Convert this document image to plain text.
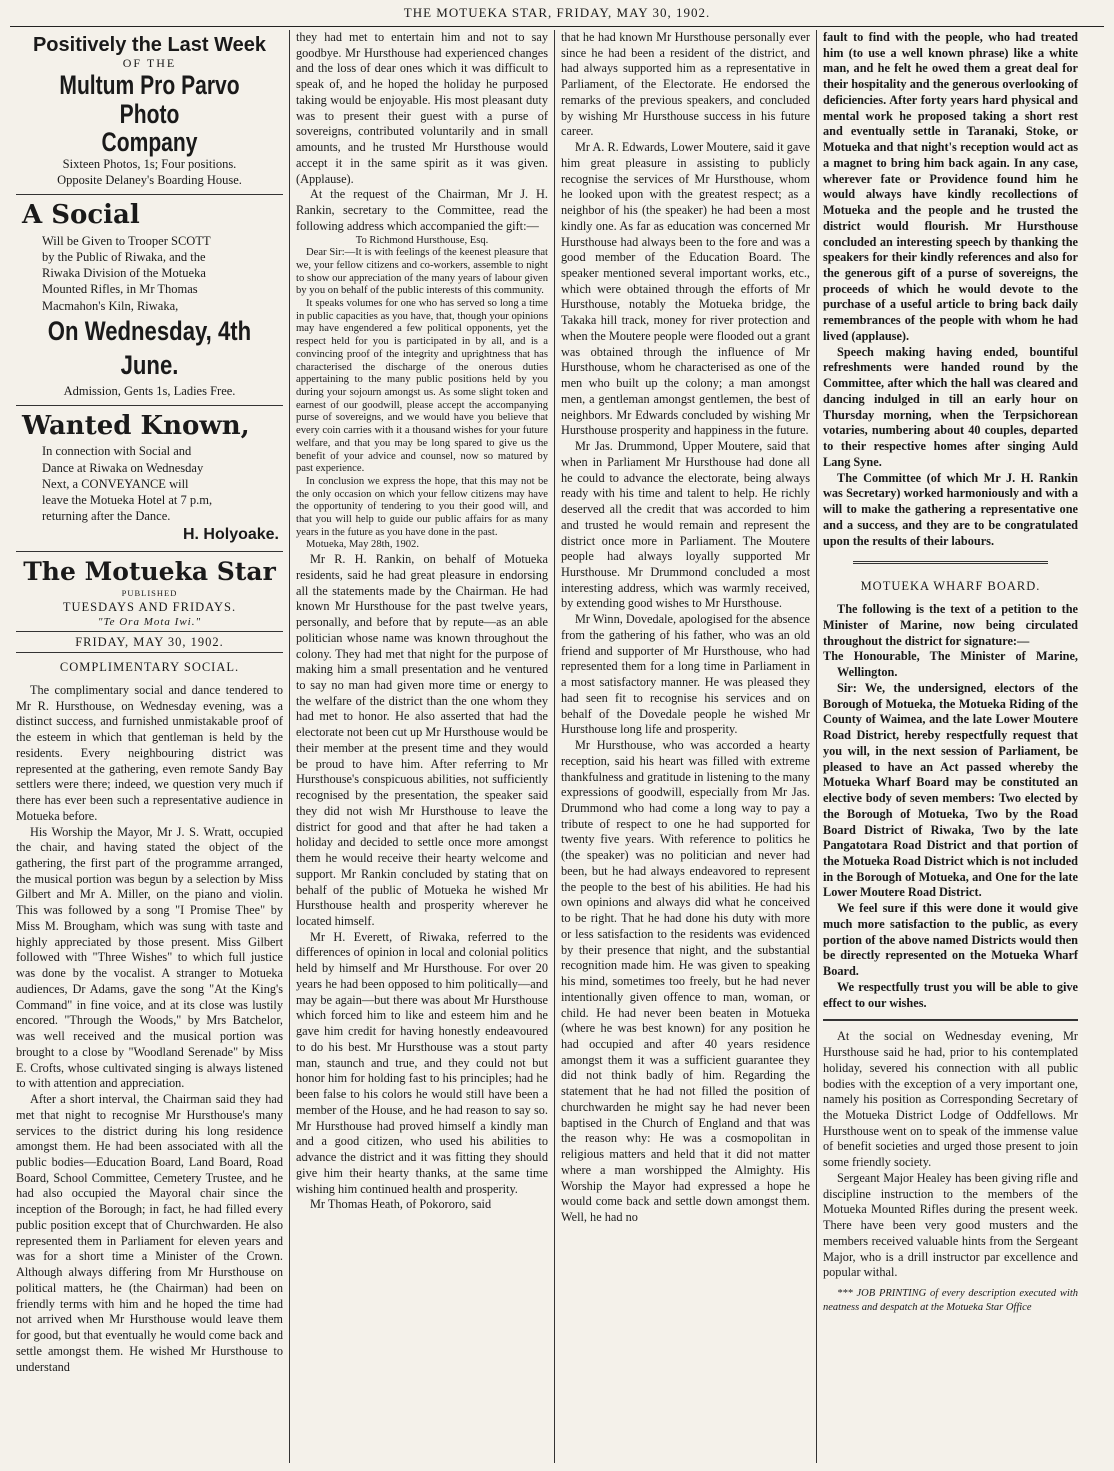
THE MOTUEKA STAR, FRIDAY, MAY 30, 1902.
Positively the Last Week
OF THE
Multum Pro Parvo Photo
Company
Sixteen Photos, 1s; Four positions.
Opposite Delaney's Boarding House.
A Social
Will be Given to Trooper SCOTT
by the Public of Riwaka, and the
Riwaka Division of the Motueka
Mounted Rifles, in Mr Thomas
Macmahon's Kiln, Riwaka,
On Wednesday, 4th June.
Admission, Gents 1s, Ladies Free.
Wanted Known,
In connection with Social and
Dance at Riwaka on Wednesday
Next, a CONVEYANCE will
leave the Motueka Hotel at 7 p.m,
returning after the Dance.
H. Holyoake.
The Motueka Star
PUBLISHED
TUESDAYS AND FRIDAYS.
"Te Ora Mota Iwi."
FRIDAY, MAY 30, 1902.
COMPLIMENTARY SOCIAL.

The complimentary social and dance tendered to Mr R. Hursthouse, on Wednesday evening, was a distinct success, and furnished unmistakable proof of the esteem in which that gentleman is held by the residents. Every neighbouring district was represented at the gathering, even remote Sandy Bay settlers were there; indeed, we question very much if there has ever been such a representative audience in Motueka before.

His Worship the Mayor, Mr J. S. Wratt, occupied the chair, and having stated the object of the gathering, the first part of the programme arranged, the musical portion was begun by a selection by Miss Gilbert and Mr A. Miller, on the piano and violin. This was followed by a song "I Promise Thee" by Miss M. Brougham, which was sung with taste and highly appreciated by those present. Miss Gilbert followed with "Three Wishes" to which full justice was done by the vocalist. A stranger to Motueka audiences, Dr Adams, gave the song "At the King's Command" in fine voice, and at its close was lustily encored. "Through the Woods," by Mrs Batchelor, was well received and the musical portion was brought to a close by "Woodland Serenade" by Miss E. Crofts, whose cultivated singing is always listened to with attention and appreciation.

After a short interval, the Chairman said they had met that night to recognise Mr Hursthouse's many services to the district during his long residence amongst them. He had been associated with all the public bodies—Education Board, Land Board, Road Board, School Committee, Cemetery Trustee, and he had also occupied the Mayoral chair since the inception of the Borough; in fact, he had filled every public position except that of Churchwarden. He also represented them in Parliament for eleven years and was for a short time a Minister of the Crown. Although always differing from Mr Hursthouse on political matters, he (the Chairman) had been on friendly terms with him and he hoped the time had not arrived when Mr Hursthouse would leave them for good, but that eventually he would come back and settle amongst them. He wished Mr Hursthouse to understand

they had met to entertain him and not to say goodbye. Mr Hursthouse had experienced changes and the loss of dear ones which it was difficult to speak of, and he hoped the holiday he purposed taking would be enjoyable. His most pleasant duty was to present their guest with a purse of sovereigns, contributed voluntarily and in small amounts, and he trusted Mr Hursthouse would accept it in the same spirit as it was given. (Applause).

At the request of the Chairman, Mr J. H. Rankin, secretary to the Committee, read the following address which accompanied the gift:—

To Richmond Hursthouse, Esq.

Dear Sir:—It is with feelings of the keenest pleasure that we, your fellow citizens and co-workers, assemble to night to show our appreciation of the many years of labour given by you on behalf of the public interests of this community.

It speaks volumes for one who has served so long a time in public capacities as you have, that, though your opinions may have engendered a few political opponents, yet the respect held for you is participated in by all, and is a convincing proof of the integrity and uprightness that has characterised the discharge of the onerous duties appertaining to the many public positions held by you during your sojourn amongst us. As some slight token and earnest of our goodwill, please accept the accompanying purse of sovereigns, and we would have you believe that every coin carries with it a thousand wishes for your future welfare, and that you may be long spared to give us the benefit of your advice and counsel, now so matured by past experience.

In conclusion we express the hope, that this may not be the only occasion on which your fellow citizens may have the opportunity of tendering to you their good will, and that you will help to guide our public affairs for as many years in the future as you have done in the past.

Motueka, May 28th, 1902.

Mr R. H. Rankin, on behalf of Motueka residents, said he had great pleasure in endorsing all the statements made by the Chairman. He had known Mr Hursthouse for the past twelve years, personally, and before that by repute—as an able politician whose name was known throughout the colony. They had met that night for the purpose of making him a small presentation and he ventured to say no man had given more time or energy to the welfare of the district than the one whom they had met to honor. He also asserted that had the electorate not been cut up Mr Hursthouse would be their member at the present time and they would be proud to have him. After referring to Mr Hursthouse's conspicuous abilities, not sufficiently recognised by the presentation, the speaker said they did not wish Mr Hursthouse to leave the district for good and that after he had taken a holiday and decided to settle once more amongst them he would receive their hearty welcome and support. Mr Rankin concluded by stating that on behalf of the public of Motueka he wished Mr Hursthouse health and prosperity wherever he located himself.

Mr H. Everett, of Riwaka, referred to the differences of opinion in local and colonial politics held by himself and Mr Hursthouse. For over 20 years he had been opposed to him politically—and may be again—but there was about Mr Hursthouse which forced him to like and esteem him and he gave him credit for having honestly endeavoured to do his best. Mr Hursthouse was a stout party man, staunch and true, and they could not but honor him for holding fast to his principles; had he been false to his colors he would still have been a member of the House, and he had reason to say so. Mr Hursthouse had proved himself a kindly man and a good citizen, who used his abilities to advance the district and it was fitting they should give him their hearty thanks, at the same time wishing him continued health and prosperity.

Mr Thomas Heath, of Pokororo, said

that he had known Mr Hursthouse personally ever since he had been a resident of the district, and had always supported him as a representative in Parliament, of the Electorate. He endorsed the remarks of the previous speakers, and concluded by wishing Mr Hursthouse success in his future career.

Mr A. R. Edwards, Lower Moutere, said it gave him great pleasure in assisting to publicly recognise the services of Mr Hursthouse, whom he looked upon with the greatest respect; as a neighbor of his (the speaker) he had been a most kindly one. As far as education was concerned Mr Hursthouse had always been to the fore and was a good member of the Education Board. The speaker mentioned several important works, etc., which were obtained through the efforts of Mr Hursthouse, notably the Motueka bridge, the Takaka hill track, money for river protection and when the Moutere people were flooded out a grant was obtained through the influence of Mr Hursthouse, whom he characterised as one of the men who built up the colony; a man amongst men, a gentleman amongst gentlemen, the best of neighbors. Mr Edwards concluded by wishing Mr Hursthouse prosperity and happiness in the future.

Mr Jas. Drummond, Upper Moutere, said that when in Parliament Mr Hursthouse had done all he could to advance the electorate, being always ready with his time and talent to help. He richly deserved all the credit that was accorded to him and trusted he would remain and represent the district once more in Parliament. The Moutere people had always loyally supported Mr Hursthouse. Mr Drummond concluded a most interesting address, which was warmly received, by extending good wishes to Mr Hursthouse.

Mr Winn, Dovedale, apologised for the absence from the gathering of his father, who was an old friend and supporter of Mr Hursthouse, who had represented them for a long time in Parliament in a most satisfactory manner. He was pleased they had seen fit to recognise his services and on behalf of the Dovedale people he wished Mr Hursthouse long life and prosperity.

Mr Hursthouse, who was accorded a hearty reception, said his heart was filled with extreme thankfulness and gratitude in listening to the many expressions of goodwill, especially from Mr Jas. Drummond who had come a long way to pay a tribute of respect to one he had supported for twenty five years. With reference to politics he (the speaker) was no politician and never had been, but he had always endeavored to represent the people to the best of his abilities. He had his own opinions and always did what he conceived to be right. That he had done his duty with more or less satisfaction to the residents was evidenced by their presence that night, and the substantial recognition made him. He was given to speaking his mind, sometimes too freely, but he had never intentionally given offence to man, woman, or child. He had never been beaten in Motueka (where he was best known) for any position he had occupied and after 40 years residence amongst them it was a sufficient guarantee they did not think badly of him. Regarding the statement that he had not filled the position of churchwarden he might say he had never been baptised in the Church of England and that was the reason why: He was a cosmopolitan in religious matters and held that it did not matter where a man worshipped the Almighty. His Worship the Mayor had expressed a hope he would come back and settle down amongst them. Well, he had no

fault to find with the people, who had treated him (to use a well known phrase) like a white man, and he felt he owed them a great deal for their hospitality and the generous overlooking of deficiencies. After forty years hard physical and mental work he proposed taking a short rest and eventually settle in Taranaki, Stoke, or Motueka and that night's reception would act as a magnet to bring him back again. In any case, wherever fate or Providence found him he would always have kindly recollections of Motueka and the people and he trusted the district would flourish. Mr Hursthouse concluded an interesting speech by thanking the speakers for their kindly references and also for the generous gift of a purse of sovereigns, the proceeds of which he would devote to the purchase of a useful article to bring back daily remembrances of the people with whom he had lived (applause).

Speech making having ended, bountiful refreshments were handed round by the Committee, after which the hall was cleared and dancing indulged in till an early hour on Thursday morning, when the Terpsichorean votaries, numbering about 40 couples, departed to their respective homes after singing Auld Lang Syne.

The Committee (of which Mr J. H. Rankin was Secretary) worked harmoniously and with a will to make the gathering a representative one and a success, and they are to be congratulated upon the results of their labours.

MOTUEKA WHARF BOARD.

The following is the text of a petition to the Minister of Marine, now being circulated throughout the district for signature:—

The Honourable, The Minister of Marine, Wellington.

Sir: We, the undersigned, electors of the Borough of Motueka, the Motueka Riding of the County of Waimea, and the late Lower Moutere Road District, hereby respectfully request that you will, in the next session of Parliament, be pleased to have an Act passed whereby the Motueka Wharf Board may be constituted an elective body of seven members: Two elected by the Borough of Motueka, Two by the Road Board District of Riwaka, Two by the late Pangatotara Road District and that portion of the Motueka Road District which is not included in the Borough of Motueka, and One for the late Lower Moutere Road District.

We feel sure if this were done it would give much more satisfaction to the public, as every portion of the above named Districts would then be directly represented on the Motueka Wharf Board.

We respectfully trust you will be able to give effect to our wishes.

At the social on Wednesday evening, Mr Hursthouse said he had, prior to his contemplated holiday, severed his connection with all public bodies with the exception of a very important one, namely his position as Corresponding Secretary of the Motueka District Lodge of Oddfellows. Mr Hursthouse went on to speak of the immense value of benefit societies and urged those present to join some friendly society.

Sergeant Major Healey has been giving rifle and discipline instruction to the members of the Motueka Mounted Rifles during the present week. There have been very good musters and the members received valuable hints from the Sergeant Major, who is a drill instructor par excellence and popular withal.

*** JOB PRINTING of every description executed with neatness and despatch at the Motueka Star Office
